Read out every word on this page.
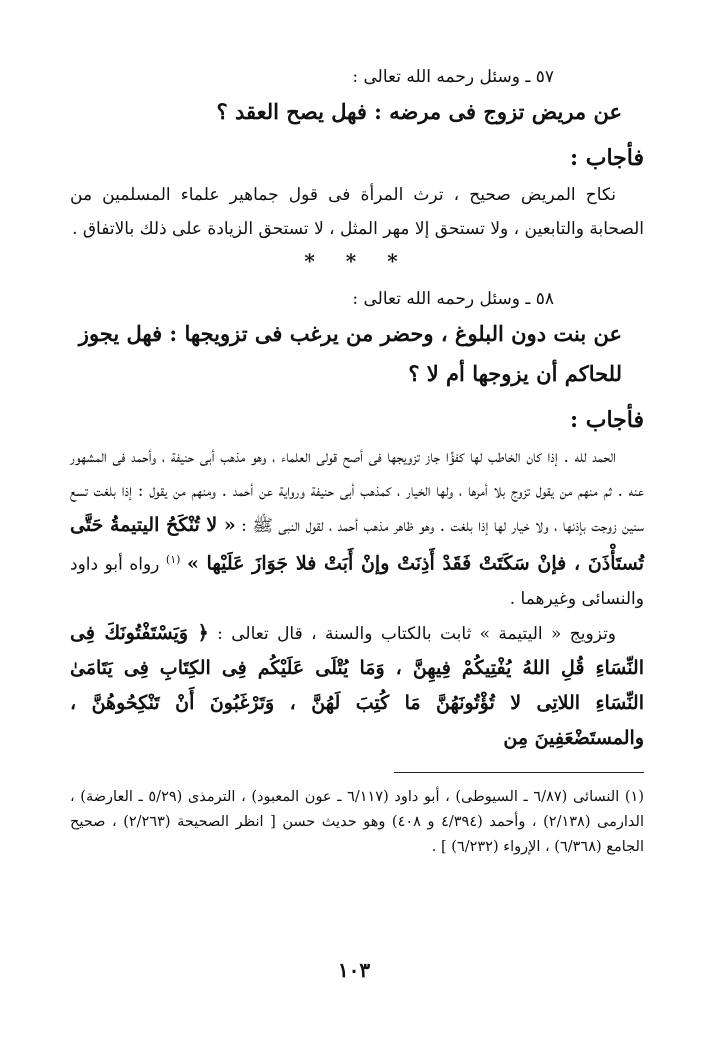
٥٧ ـ وسئل رحمه الله تعالى :

عن مريض تزوج فى مرضه : فهل يصح العقد ؟

فأجاب :

نكاح المريض صحيح ، ترث المرأة فى قول جماهير علماء المسلمين من الصحابة والتابعين ، ولا تستحق إلا مهر المثل ، لا تستحق الزيادة على ذلك بالاتفاق .

* * *

٥٨ ـ وسئل رحمه الله تعالى :

عن بنت دون البلوغ ، وحضر من يرغب فى تزويجها : فهل يجوز للحاكم أن يزوجها أم لا ؟

فأجاب :

الحمد لله . إذا كان الخاطب لها كفؤًا جاز تزويجها فى أصح قولى العلماء ، وهو مذهب أبى حنيفة ، وأحمد فى المشهور عنه . ثم منهم من يقول تزوج بلا أمرها ، ولها الخيار ، كمذهب أبى حنيفة ورواية عن أحمد . ومنهم من يقول : إذا بلغت تسع سنين زوجت بإذنها ، ولا خيار لها إذا بلغت . وهو ظاهر مذهب أحمد ، لقول النبى ﷺ : « لا تُنْكَحُ اليتيمةُ حَتَّى تُستَأْذَنَ ، فإنْ سَكَتَتْ فَقَدْ أَذِنَتْ وإنْ أَبَتْ فلا جَوَازَ عَلَيْها » $^{(١)}$ رواه أبو داود والنسائى وغيرهما .

وتزويج « اليتيمة » ثابت بالكتاب والسنة ، قال تعالى : ﴿ وَيَسْتَفْتُونَكَ فِى النِّسَاءِ قُلِ اللهُ يُفْتِيكُمْ فِيهِنَّ ، وَمَا يُتْلَى عَلَيْكُم فِى الكِتَابِ فِى يَتَامَىٰ النِّسَاءِ اللاتِى لا تُؤْتُونَهُنَّ مَا كُتِبَ لَهُنَّ ، وَتَرْغَبُونَ أَنْ تَنْكِحُوهُنَّ ، والمستَضْعَفِينَ مِن

(١) النسائى (٦/٨٧ ـ السيوطى) ، أبو داود (٦/١١٧ ـ عون المعبود) ، الترمذى (٥/٢٩ ـ العارضة) ، الدارمى (٢/١٣٨) ، وأحمد (٤/٣٩٤ و ٤٠٨) وهو حديث حسن [ انظر الصحيحة (٢/٢٦٣) ، صحيح الجامع (٦/٣٦٨) ، الإرواء (٦/٢٣٢) ] .

١٠٣
